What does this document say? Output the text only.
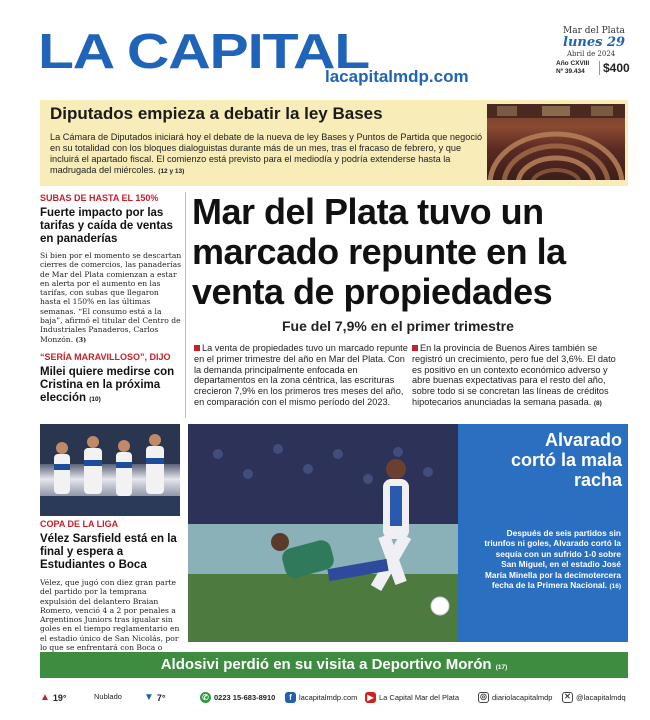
LA CAPITAL
lacapitalmdp.com
Mar del Plata
lunes 29
Abril de 2024
Año CXVIII
Nº 39.434	$400
Diputados empieza a debatir la ley Bases
La Cámara de Diputados iniciará hoy el debate de la nueva de ley Bases y Puntos de Partida que negoció en su totalidad con los bloques dialoguistas durante más de un mes, tras el fracaso de febrero, y que incluirá el apartado fiscal. El comienzo está previsto para el mediodía y podría extenderse hasta la madrugada del miércoles. (12 y 13)
SUBAS DE HASTA EL 150%
Fuerte impacto por las tarifas y caída de ventas en panaderías
Si bien por el momento se descartan cierres de comercios, las panaderías de Mar del Plata comienzan a estar en alerta por el aumento en las tarifas, con subas que llegaron hasta el 150% en las últimas semanas. “El consumo está a la baja”, afirmó el titular del Centro de Industriales Panaderos, Carlos Monzón. (3)
“SERÍA MARAVILLOSO”, DIJO
Milei quiere medirse con Cristina en la próxima elección (10)
COPA DE LA LIGA
Vélez Sarsfield está en la final y espera a Estudiantes o Boca
Vélez, que jugó con diez gran parte del partido por la temprana expulsión del delantero Braian Romero, venció 4 a 2 por penales a Argentinos Juniors tras igualar sin goles en el tiempo reglamentario en el estadio único de San Nicolás, por lo que se enfrentará con Boca o
Mar del Plata tuvo un marcado repunte en la venta de propiedades
Fue del 7,9% en el primer trimestre
La venta de propiedades tuvo un marcado repunte en el primer trimestre del año en Mar del Plata. Con la demanda principalmente enfocada en departamentos en la zona céntrica, las escrituras crecieron 7,9% en los primeros tres meses del año, en comparación con el mismo período del 2023.
En la provincia de Buenos Aires también se registró un crecimiento, pero fue del 3,6%. El dato es positivo en un contexto económico adverso y abre buenas expectativas para el resto del año, sobre todo si se concretan las líneas de créditos hipotecarios anunciadas la semana pasada. (8)
Alvarado cortó la mala racha
Después de seis partidos sin triunfos ni goles, Alvarado cortó la sequía con un sufrido 1-0 sobre San Miguel, en el estadio José María Minella por la decimotercera fecha de la Primera Nacional. (16)
Aldosivi perdió en su visita a Deportivo Morón (17)
▲ 19°	Nublado ▼ 7°	✆ 0223 15-683-8910	f lacapitalmdp.com	▶ La Capital Mar del Plata	◎ diariolacapitalmdp ✕ @lacapitalmdq
